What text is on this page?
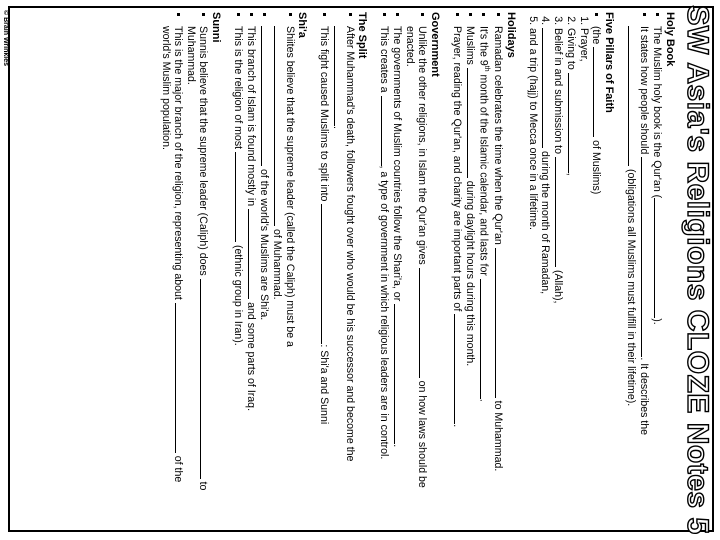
SW Asia's Religions CLOZE Notes 5
Holy Book
▪ The Muslim holy book is the Qur'an ().
▪ It states how people should . It describes the  (obligations all Muslims must fulfill in their lifetime).
Five Pillars of Faith
▪ (the  of Muslims)
1. Prayer,
2. Giving to ,
3. Belief in and submission to  (Allah),
4. during the month of Ramadan,
5. and a trip (hajj) to Mecca once in a lifetime.
Holidays
▪ Ramadan celebrates the time when the Qur'an  to Muhammad.
▪ It's the 9th month of the Islamic calendar, and lasts for .
▪ Muslims  during daylight hours during this month.
▪ Prayer, reading the Qur'an, and charity are important parts of .
Government
▪ Unlike the other religions, in Islam the Qur'an gives  on how laws should be enacted.
▪ The governments of Muslim countries follow the Shari'a, or .
▪ This creates a , a type of government in which religious leaders are in control.
The Split
▪ After Muhammad's death, followers fought over who would be his successor and become the .
▪ This fight caused Muslims to split into : Shi'a and Sunni
Shi'a
▪ Shiites believe that the supreme leader (called the Caliph) must be a  of Muhammad.
▪ of the world's Muslims are Shi'a.
▪ This branch of Islam is found mostly in  and some parts of Iraq.
▪ This is the religion of most  (ethnic group in Iran).
Sunni
▪ Sunnis believe that the supreme leader (Caliph) does  to Muhammad.
▪ This is the major branch of the religion, representing about  of the world's Muslim population.
© Brain Wrinkles
